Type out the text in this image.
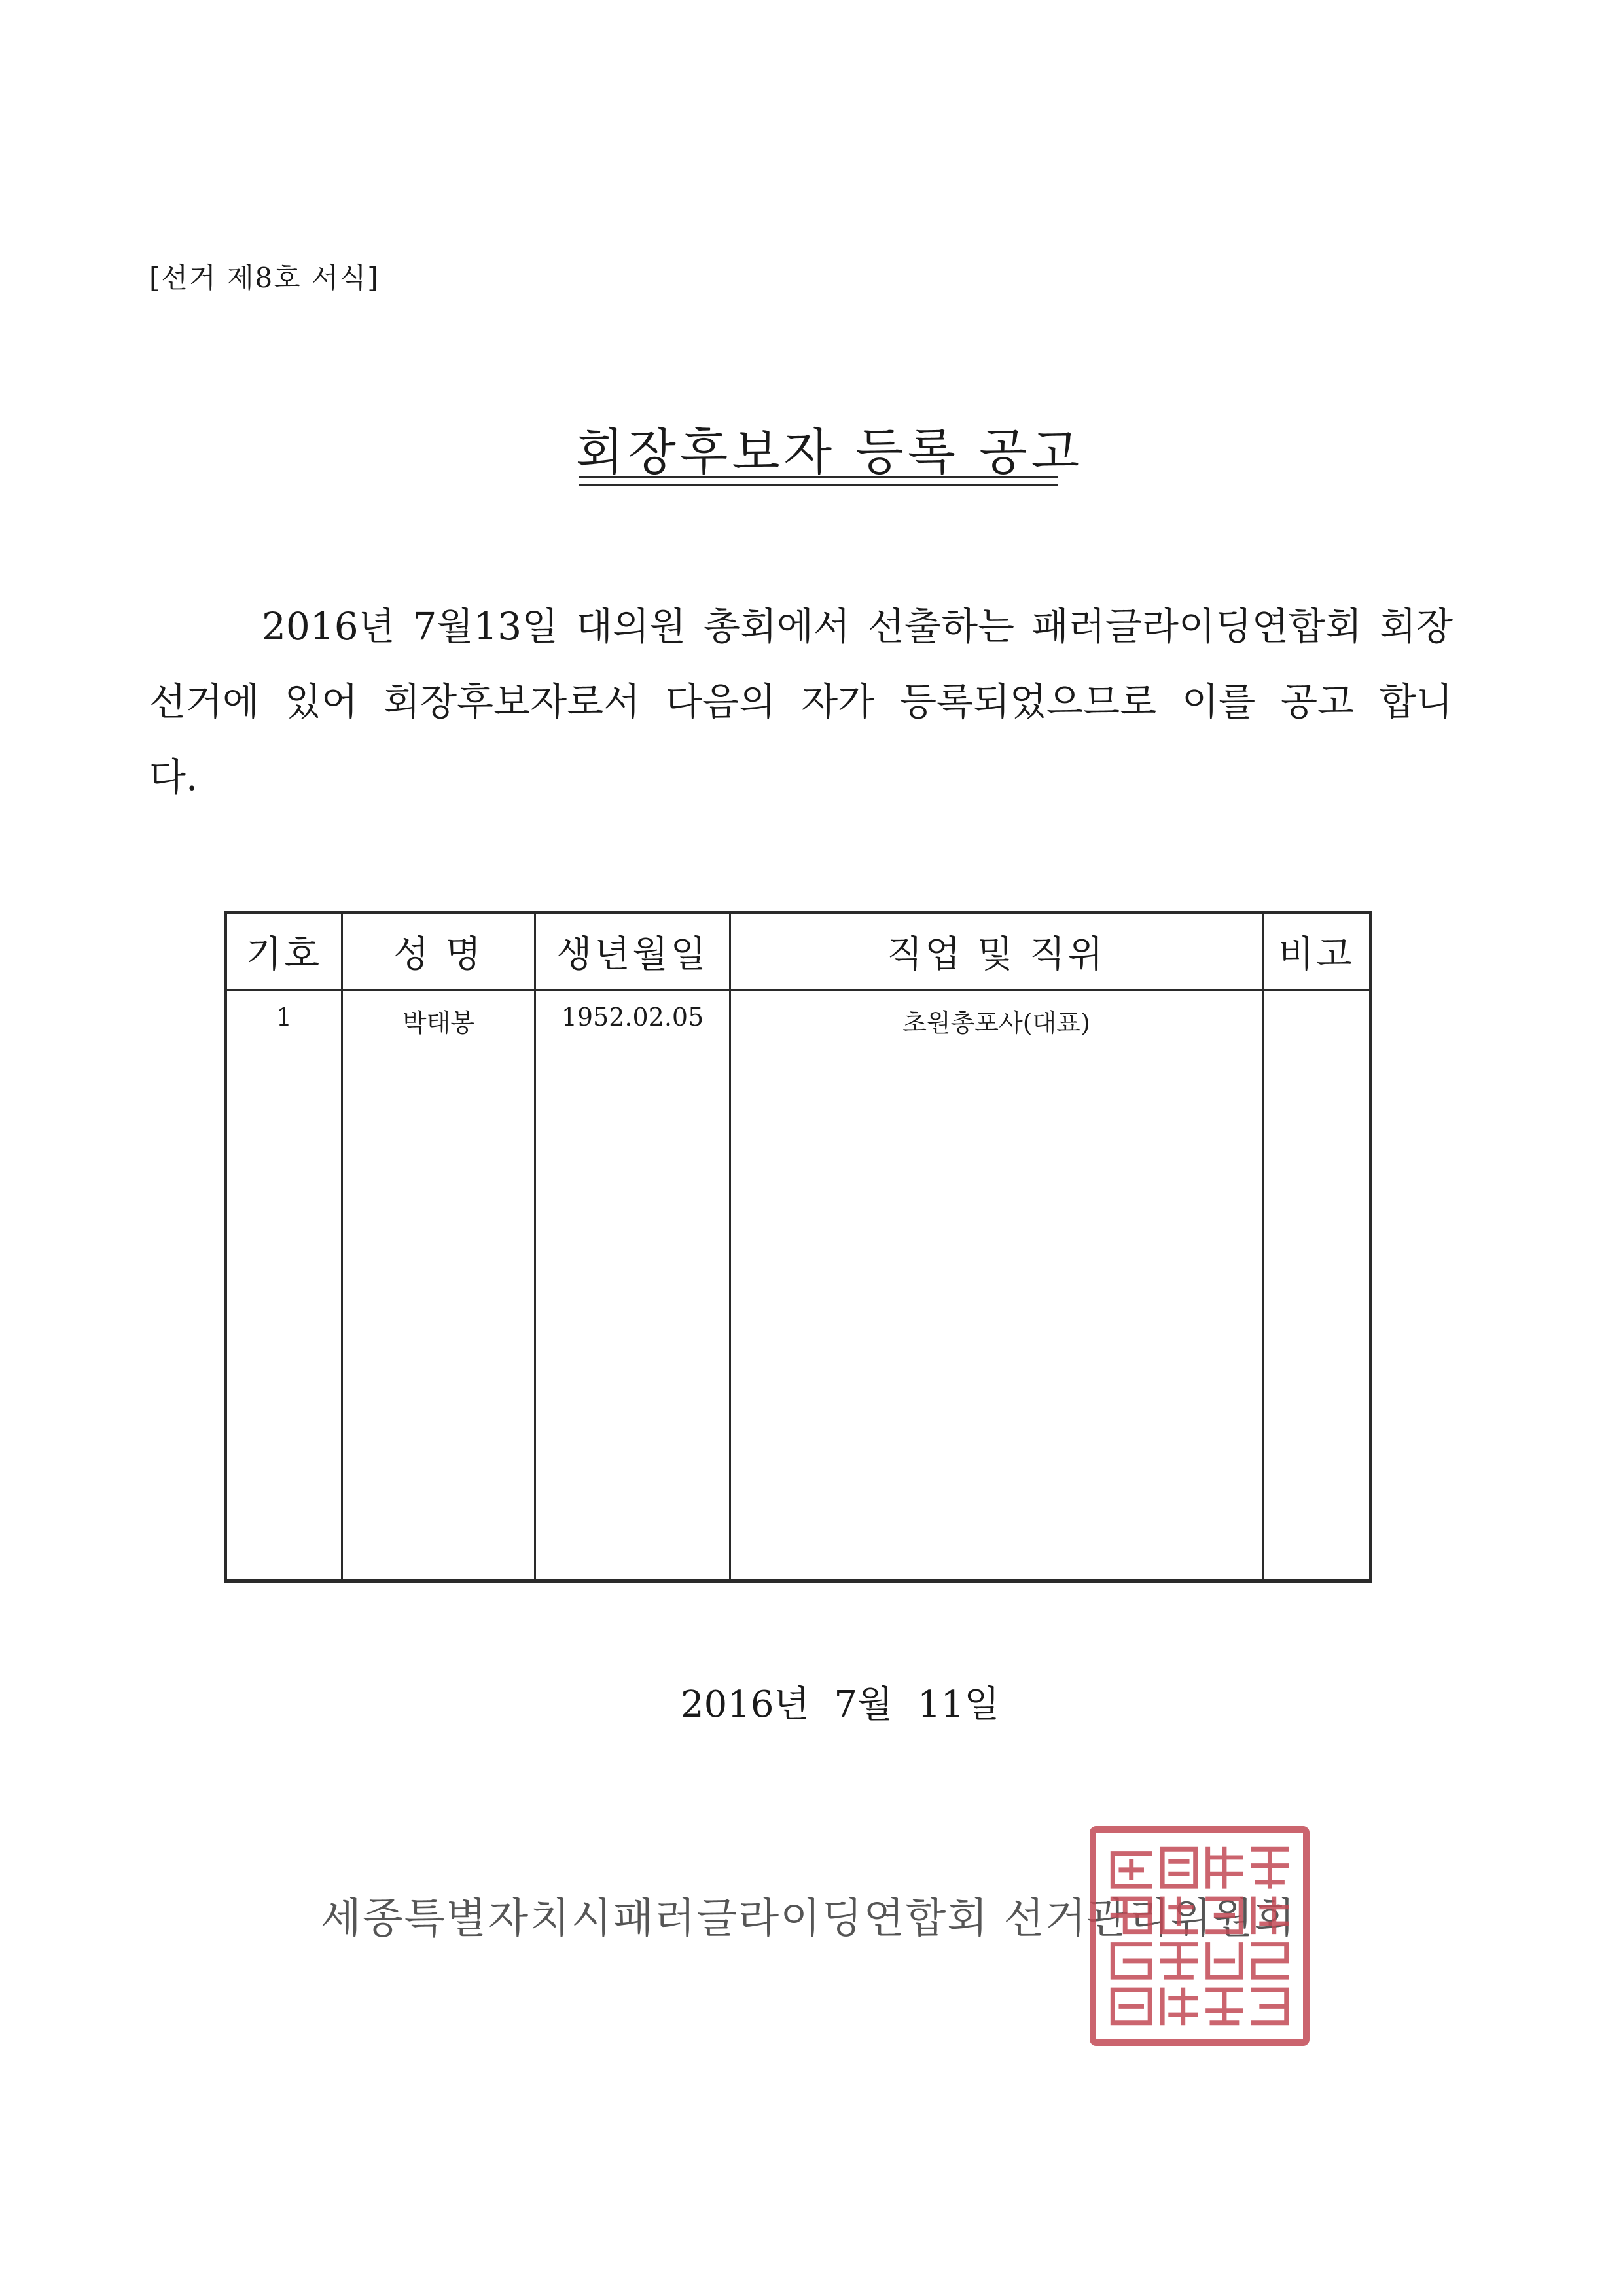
[선거 제8호 서식]
회장후보자 등록 공고
2016년 7월13일 대의원 총회에서 선출하는 패러글라이딩연합회 회장
선거에 있어 회장후보자로서 다음의 자가 등록되었으므로 이를 공고 합니
다.
기호	성 명	생년월일	직업 및 직위	비고
1	박태봉	1952.02.05	초원총포사(대표)	
2016년 7월 11일
세종특별자치시패러글라이딩연합회 선거관리위원회
